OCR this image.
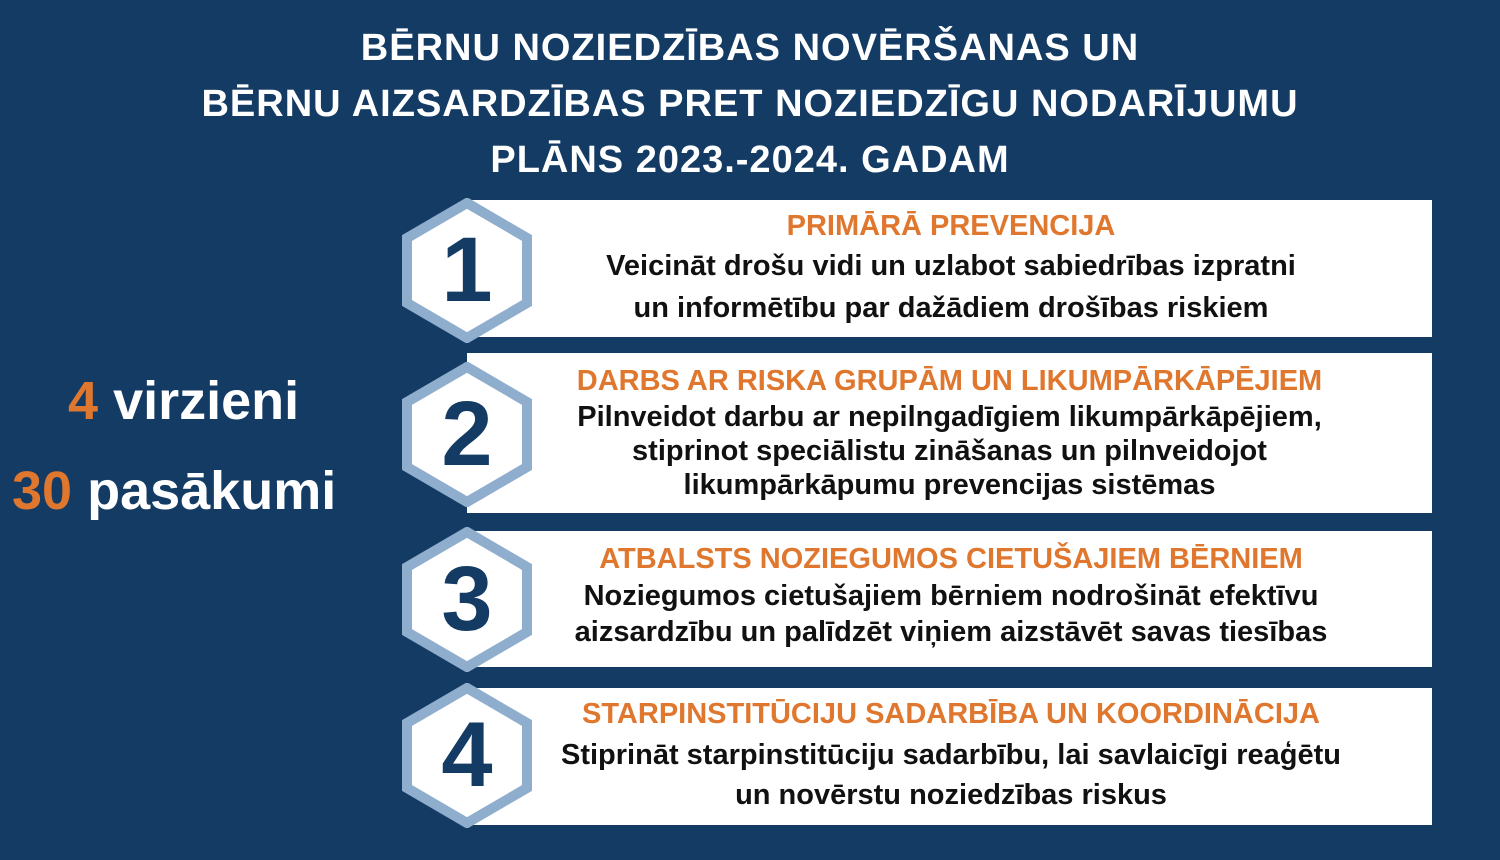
BĒRNU NOZIEDZĪBAS NOVĒRŠANAS UN
BĒRNU AIZSARDZĪBAS PRET NOZIEDZĪGU NODARĪJUMU
PLĀNS 2023.-2024. GADAM
4 virzieni
30 pasākumi
PRIMĀRĀ PREVENCIJA
Veicināt drošu vidi un uzlabot sabiedrības izpratni
un informētību par dažādiem drošības riskiem
DARBS AR RISKA GRUPĀM UN LIKUMPĀRKĀPĒJIEM
Pilnveidot darbu ar nepilngadīgiem likumpārkāpējiem,
stiprinot speciālistu zināšanas un pilnveidojot
likumpārkāpumu prevencijas sistēmas
ATBALSTS NOZIEGUMOS CIETUŠAJIEM BĒRNIEM
Noziegumos cietušajiem bērniem nodrošināt efektīvu
aizsardzību un palīdzēt viņiem aizstāvēt savas tiesības
STARPINSTITŪCIJU SADARBĪBA UN KOORDINĀCIJA
Stiprināt starpinstitūciju sadarbību, lai savlaicīgi reaģētu
un novērstu noziedzības riskus
1
2
3
4
